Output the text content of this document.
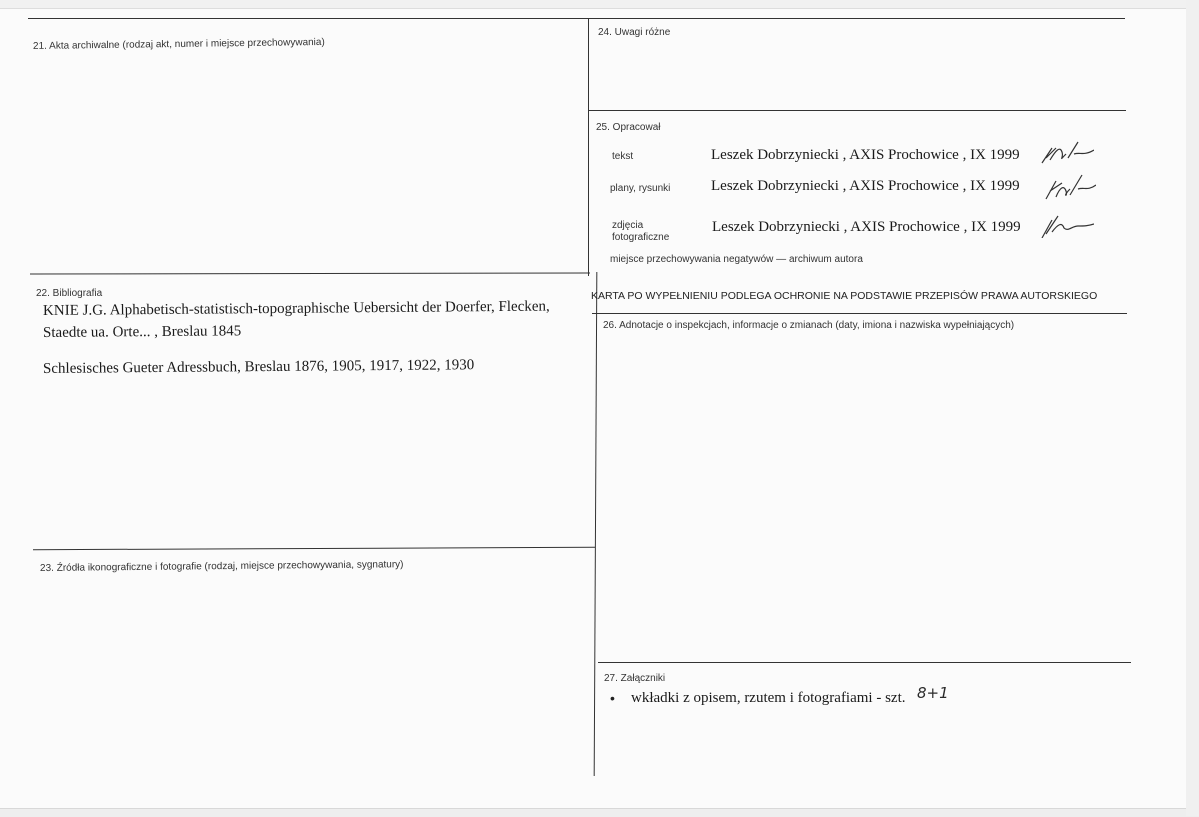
21. Akta archiwalne (rodzaj akt, numer i miejsce przechowywania)
22. Bibliografia
KNIE J.G. Alphabetisch-statistisch-topographische Uebersicht der Doerfer, Flecken,
Staedte ua. Orte... , Breslau 1845
Schlesisches Gueter Adressbuch, Breslau 1876, 1905, 1917, 1922, 1930
23. Źródła ikonograficzne i fotografie (rodzaj, miejsce przechowywania, sygnatury)
24. Uwagi różne
25. Opracował
tekst	Leszek Dobrzyniecki , AXIS Prochowice , IX 1999
plany, rysunki	Leszek Dobrzyniecki , AXIS Prochowice , IX 1999
zdjęcia
fotograficzne
Leszek Dobrzyniecki , AXIS Prochowice , IX 1999
miejsce przechowywania negatywów — archiwum autora
KARTA PO WYPEŁNIENIU PODLEGA OCHRONIE NA PODSTAWIE PRZEPISÓW PRAWA AUTORSKIEGO
26. Adnotacje o inspekcjach, informacje o zmianach (daty, imiona i nazwiska wypełniających)
27. Załączniki
• wkładki z opisem, rzutem i fotografiami - szt. 8+1
